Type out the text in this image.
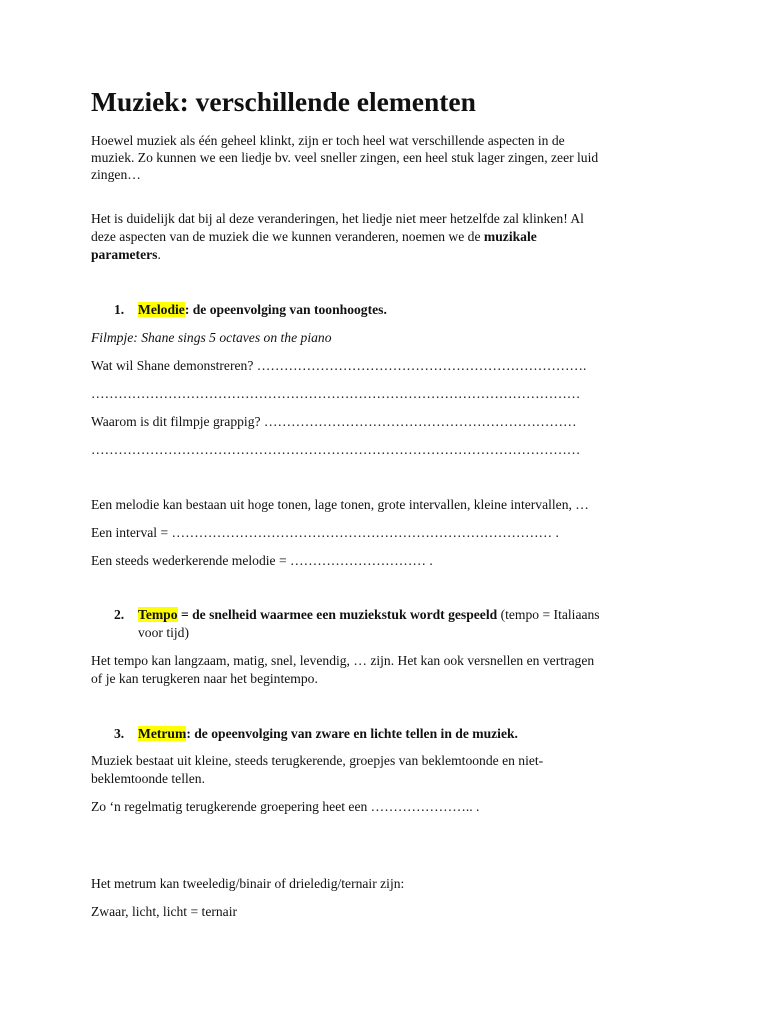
Muziek: verschillende elementen
Hoewel muziek als één geheel klinkt, zijn er toch heel wat verschillende aspecten in de
muziek. Zo kunnen we een liedje bv. veel sneller zingen, een heel stuk lager zingen, zeer luid
zingen…
Het is duidelijk dat bij al deze veranderingen, het liedje niet meer hetzelfde zal klinken! Al
deze aspecten van de muziek die we kunnen veranderen, noemen we de muzikale
parameters.
1. Melodie: de opeenvolging van toonhoogtes.
Filmpje: Shane sings 5 octaves on the piano
Wat wil Shane demonstreren? ……………………………………………………………….
………………………………………………………………………………………………
Waarom is dit filmpje grappig? ……………………………………………………………
………………………………………………………………………………………………
Een melodie kan bestaan uit hoge tonen, lage tonen, grote intervallen, kleine intervallen, …
Een interval = ………………………………………………………………………… .
Een steeds wederkerende melodie = ………………………… .
2. Tempo = de snelheid waarmee een muziekstuk wordt gespeeld (tempo = Italiaans
voor tijd)
Het tempo kan langzaam, matig, snel, levendig, … zijn. Het kan ook versnellen en vertragen
of je kan terugkeren naar het begintempo.
3. Metrum: de opeenvolging van zware en lichte tellen in de muziek.
Muziek bestaat uit kleine, steeds terugkerende, groepjes van beklemtoonde en niet-
beklemtoonde tellen.
Zo ‘n regelmatig terugkerende groepering heet een ………………….. .
Het metrum kan tweeledig/binair of drieledig/ternair zijn:
Zwaar, licht, licht = ternair
